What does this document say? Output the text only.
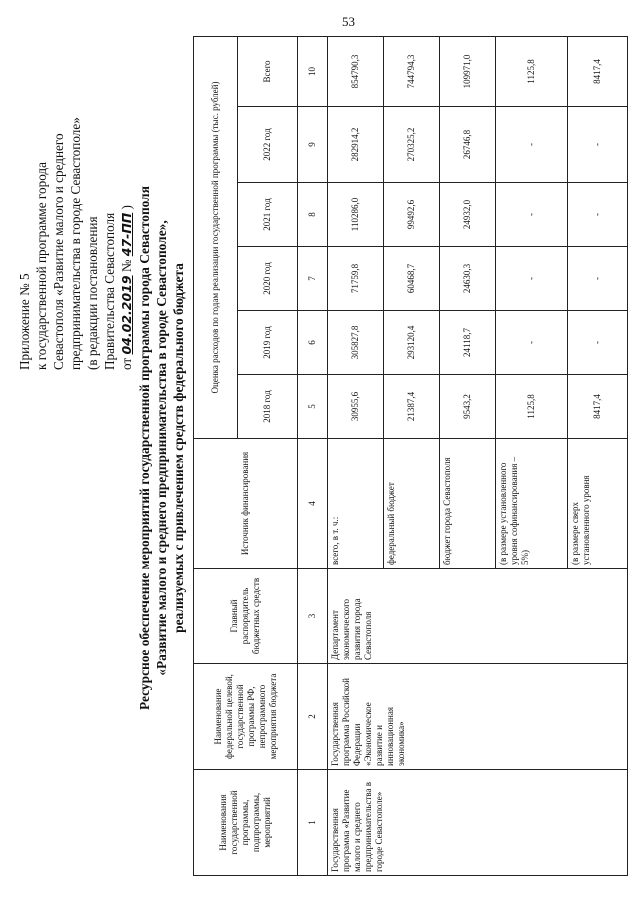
53
Приложение № 5 к государственной программе города Севастополя «Развитие малого и среднего предпринимательства в городе Севастополе» (в редакции постановления Правительства Севастополя от 04.02.2019 № 47-ПП ) Ресурсное обеспечение мероприятий государственной программы города Севастополя «Развитие малого и среднего предпринимательства в городе Севастополе», реализуемых с привлечением средств федерального бюджета
Наименования государственной программы, подпрограммы, мероприятий	Наименование федеральной целевой, государственной программы РФ, непрограммного мероприятия бюджета	Главный распорядитель бюджетных средств	Источник финансирования	Оценка расходов по годам реализации государственной программы (тыс. рублей)					
				2018 год	2019 год	2020 год	2021 год	2022 год	Всего
1	2	3	4	5	6	7	8	9	10
Государственная программа «Развитие малого и среднего предпринимательства в городе Севастополе»	Государственная программа Российской Федерации «Экономическое развитие и инновационная экономика»	Департамент экономического развития города Севастополя	всего, в т. ч.:	30955,6	305827,8	71759,8	110286,0	282914,2	854790,3
			федеральный бюджет	21387,4	293120,4	60468,7	99492,6	270325,2	744794,3
			бюджет города Севастополя	9543,2	24118,7	24630,3	24932,0	26746,8	109971,0
			(в размере установленного уровня софинансирования – 5%)	1125,8	-	-	-	-	1125,8
			(в размере сверх установленного уровня	8417,4	-	-	-	-	8417,4
